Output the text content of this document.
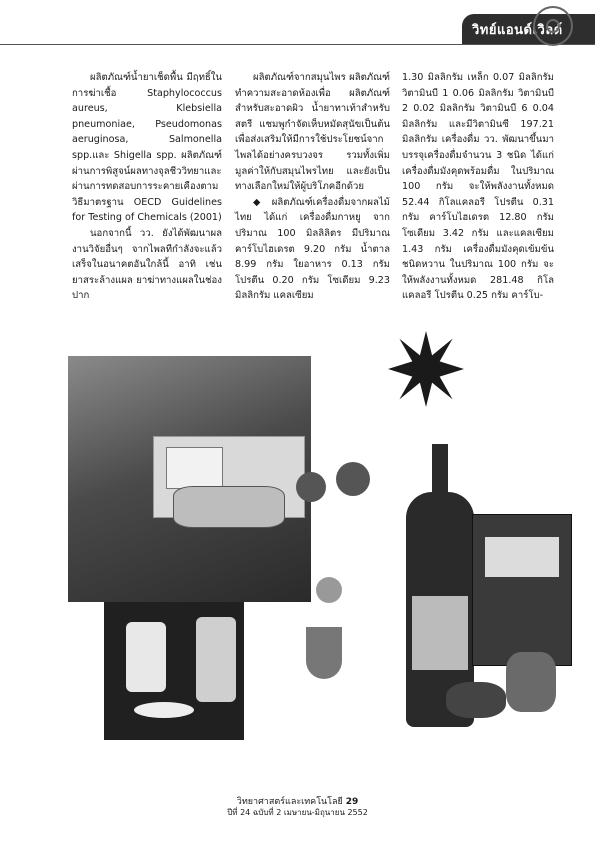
วิทย์แอนด์เวิลด์

ผลิตภัณฑ์น้ำยาเช็ดพื้น มีฤทธิ์ในการฆ่าเชื้อ Staphylococcus aureus, Klebsiella pneumoniae, Pseudomonas aeruginosa, Salmonella spp.และ Shigella spp. ผลิตภัณฑ์ผ่านการพิสูจน์ผลทางจุลชีววิทยาและผ่านการทดสอบการระคายเคืองตามวิธีมาตรฐาน OECD Guidelines for Testing of Chemicals (2001)

นอกจากนี้ วว. ยังได้พัฒนาผลงานวิจัยอื่นๆ จากไพลทีกำลังจะแล้วเสร็จในอนาคตอันใกล้นี้ อาทิ เช่น ยาสระล้างแผล ยาฆ่าทางแผลในช่องปาก

ผลิตภัณฑ์จากสมุนไพร ผลิตภัณฑ์ทำความสะอาดห้องเพื่อ ผลิตภัณฑ์สำหรับสะอาดผิว น้ำยาทาเท้าสำหรับสตรี แชมพูกำจัดเห็บหมัดสุนัขเป็นต้น เพื่อส่งเสริมให้มีการใช้ประโยชน์จากไพลได้อย่างครบวงจร รวมทั้งเพิ่มมูลค่าให้กับสมุนไพรไทย และยังเป็นทางเลือกใหม่ให้ผู้บริโภคอีกด้วย

◆ ผลิตภัณฑ์เครื่องดื่มจากผลไม้ไทย ได้แก่ เครื่องดื่มกาหยู จากปริมาณ 100 มิลลิลิตร มีปริมาณคาร์โบไฮเดรต 9.20 กรัม น้ำตาล 8.99 กรัม ใยอาหาร 0.13 กรัม โปรตีน 0.20 กรัม โซเดียม 9.23 มิลลิกรัม แคลเซียม

1.30 มิลลิกรัม เหล็ก 0.07 มิลลิกรัม วิตามินบี 1 0.06 มิลลิกรัม วิตามินบี 2 0.02 มิลลิกรัม วิตามินบี 6 0.04 มิลลิกรัม และมีวิตามินซี 197.21 มิลลิกรัม เครื่องดื่ม วว. พัฒนาขึ้นมาบรรจุเครื่องดื่มจำนวน 3 ชนิด ได้แก่ เครื่องดื่มมังคุดพร้อมดื่ม ในปริมาณ 100 กรัม จะให้พลังงานทั้งหมด 52.44 กิโลแคลอรี โปรตีน 0.31 กรัม คาร์โบไฮเดรต 12.80 กรัม โซเดียม 3.42 กรัม และแคลเซียม 1.43 กรัม เครื่องดื่มมังคุดเข้มข้นชนิดหวาน ในปริมาณ 100 กรัม จะให้พลังงานทั้งหมด 281.48 กิโลแคลอรี โปรตีน 0.25 กรัม คาร์โบ-

วิทยาศาสตร์และเทคโนโลยี 29
ปีที่ 24 ฉบับที่ 2 เมษายน-มิถุนายน 2552
